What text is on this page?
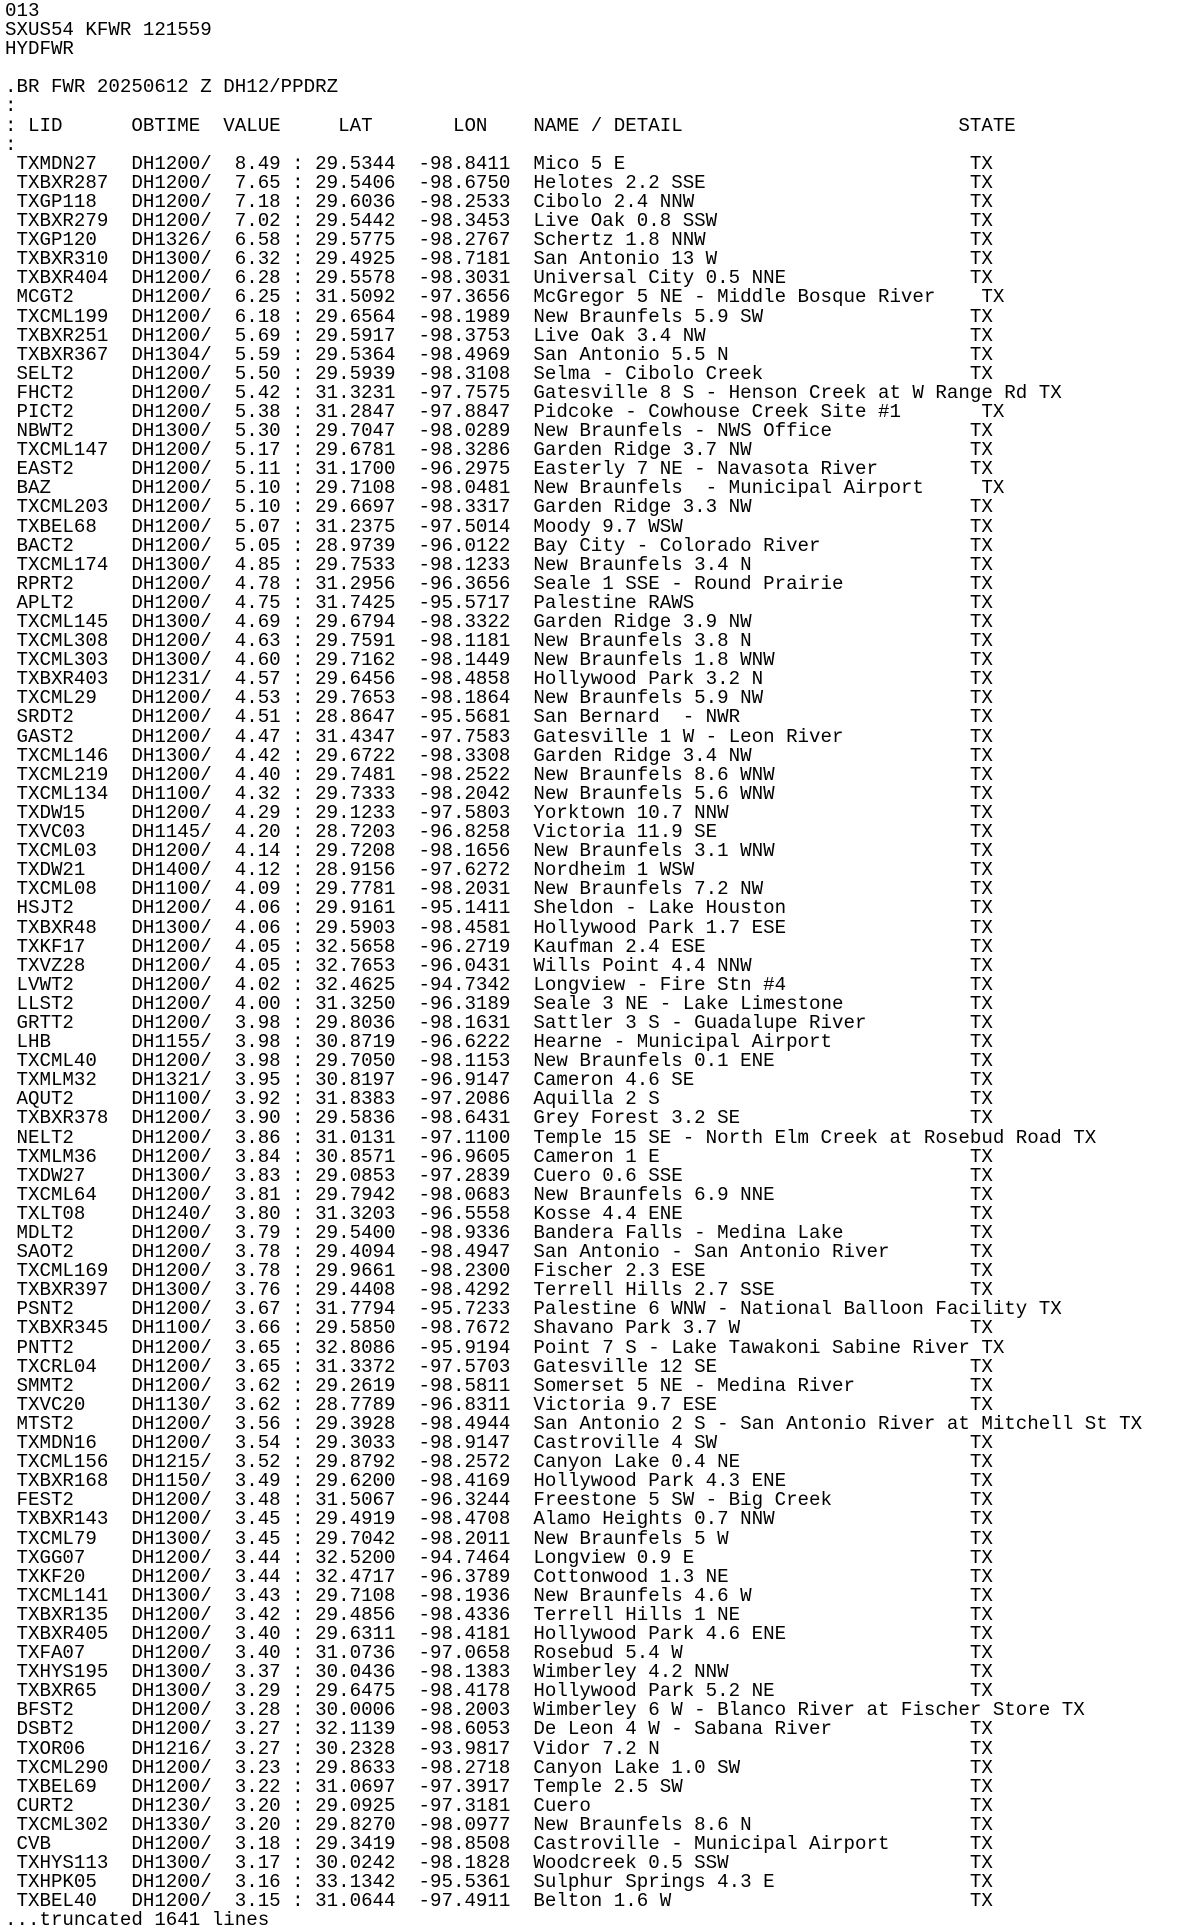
013
SXUS54 KFWR 121559
HYDFWR
.BR FWR 20250612 Z DH12/PPDRZ
:
: LID      OBTIME  VALUE     LAT       LON    NAME / DETAIL                        STATE
:
TXMDN27   DH1200/  8.49 : 29.5344  -98.8411  Mico 5 E                              TX
TXBXR287  DH1200/  7.65 : 29.5406  -98.6750  Helotes 2.2 SSE                       TX
TXGP118   DH1200/  7.18 : 29.6036  -98.2533  Cibolo 2.4 NNW                        TX
TXBXR279  DH1200/  7.02 : 29.5442  -98.3453  Live Oak 0.8 SSW                      TX
TXGP120   DH1326/  6.58 : 29.5775  -98.2767  Schertz 1.8 NNW                       TX
TXBXR310  DH1300/  6.32 : 29.4925  -98.7181  San Antonio 13 W                      TX
TXBXR404  DH1200/  6.28 : 29.5578  -98.3031  Universal City 0.5 NNE                TX
MCGT2     DH1200/  6.25 : 31.5092  -97.3656  McGregor 5 NE - Middle Bosque River    TX
TXCML199  DH1200/  6.18 : 29.6564  -98.1989  New Braunfels 5.9 SW                  TX
TXBXR251  DH1200/  5.69 : 29.5917  -98.3753  Live Oak 3.4 NW                       TX
TXBXR367  DH1304/  5.59 : 29.5364  -98.4969  San Antonio 5.5 N                     TX
SELT2     DH1200/  5.50 : 29.5939  -98.3108  Selma - Cibolo Creek                  TX
FHCT2     DH1200/  5.42 : 31.3231  -97.7575  Gatesville 8 S - Henson Creek at W Range Rd TX
PICT2     DH1200/  5.38 : 31.2847  -97.8847  Pidcoke - Cowhouse Creek Site #1       TX
NBWT2     DH1300/  5.30 : 29.7047  -98.0289  New Braunfels - NWS Office            TX
TXCML147  DH1200/  5.17 : 29.6781  -98.3286  Garden Ridge 3.7 NW                   TX
EAST2     DH1200/  5.11 : 31.1700  -96.2975  Easterly 7 NE - Navasota River        TX
BAZ       DH1200/  5.10 : 29.7108  -98.0481  New Braunfels  - Municipal Airport     TX
TXCML203  DH1200/  5.10 : 29.6697  -98.3317  Garden Ridge 3.3 NW                   TX
TXBEL68   DH1200/  5.07 : 31.2375  -97.5014  Moody 9.7 WSW                         TX
BACT2     DH1200/  5.05 : 28.9739  -96.0122  Bay City - Colorado River             TX
TXCML174  DH1300/  4.85 : 29.7533  -98.1233  New Braunfels 3.4 N                   TX
RPRT2     DH1200/  4.78 : 31.2956  -96.3656  Seale 1 SSE - Round Prairie           TX
APLT2     DH1200/  4.75 : 31.7425  -95.5717  Palestine RAWS                        TX
TXCML145  DH1300/  4.69 : 29.6794  -98.3322  Garden Ridge 3.9 NW                   TX
TXCML308  DH1200/  4.63 : 29.7591  -98.1181  New Braunfels 3.8 N                   TX
TXCML303  DH1300/  4.60 : 29.7162  -98.1449  New Braunfels 1.8 WNW                 TX
TXBXR403  DH1231/  4.57 : 29.6456  -98.4858  Hollywood Park 3.2 N                  TX
TXCML29   DH1200/  4.53 : 29.7653  -98.1864  New Braunfels 5.9 NW                  TX
SRDT2     DH1200/  4.51 : 28.8647  -95.5681  San Bernard  - NWR                    TX
GAST2     DH1200/  4.47 : 31.4347  -97.7583  Gatesville 1 W - Leon River           TX
TXCML146  DH1300/  4.42 : 29.6722  -98.3308  Garden Ridge 3.4 NW                   TX
TXCML219  DH1200/  4.40 : 29.7481  -98.2522  New Braunfels 8.6 WNW                 TX
TXCML134  DH1100/  4.32 : 29.7333  -98.2042  New Braunfels 5.6 WNW                 TX
TXDW15    DH1200/  4.29 : 29.1233  -97.5803  Yorktown 10.7 NNW                     TX
TXVC03    DH1145/  4.20 : 28.7203  -96.8258  Victoria 11.9 SE                      TX
TXCML03   DH1200/  4.14 : 29.7208  -98.1656  New Braunfels 3.1 WNW                 TX
TXDW21    DH1400/  4.12 : 28.9156  -97.6272  Nordheim 1 WSW                        TX
TXCML08   DH1100/  4.09 : 29.7781  -98.2031  New Braunfels 7.2 NW                  TX
HSJT2     DH1200/  4.06 : 29.9161  -95.1411  Sheldon - Lake Houston                TX
TXBXR48   DH1300/  4.06 : 29.5903  -98.4581  Hollywood Park 1.7 ESE                TX
TXKF17    DH1200/  4.05 : 32.5658  -96.2719  Kaufman 2.4 ESE                       TX
TXVZ28    DH1200/  4.05 : 32.7653  -96.0431  Wills Point 4.4 NNW                   TX
LVWT2     DH1200/  4.02 : 32.4625  -94.7342  Longview - Fire Stn #4                TX
LLST2     DH1200/  4.00 : 31.3250  -96.3189  Seale 3 NE - Lake Limestone           TX
GRTT2     DH1200/  3.98 : 29.8036  -98.1631  Sattler 3 S - Guadalupe River         TX
LHB       DH1155/  3.98 : 30.8719  -96.6222  Hearne - Municipal Airport            TX
TXCML40   DH1200/  3.98 : 29.7050  -98.1153  New Braunfels 0.1 ENE                 TX
TXMLM32   DH1321/  3.95 : 30.8197  -96.9147  Cameron 4.6 SE                        TX
AQUT2     DH1100/  3.92 : 31.8383  -97.2086  Aquilla 2 S                           TX
TXBXR378  DH1200/  3.90 : 29.5836  -98.6431  Grey Forest 3.2 SE                    TX
NELT2     DH1200/  3.86 : 31.0131  -97.1100  Temple 15 SE - North Elm Creek at Rosebud Road TX
TXMLM36   DH1200/  3.84 : 30.8571  -96.9605  Cameron 1 E                           TX
TXDW27    DH1300/  3.83 : 29.0853  -97.2839  Cuero 0.6 SSE                         TX
TXCML64   DH1200/  3.81 : 29.7942  -98.0683  New Braunfels 6.9 NNE                 TX
TXLT08    DH1240/  3.80 : 31.3203  -96.5558  Kosse 4.4 ENE                         TX
MDLT2     DH1200/  3.79 : 29.5400  -98.9336  Bandera Falls - Medina Lake           TX
SAOT2     DH1200/  3.78 : 29.4094  -98.4947  San Antonio - San Antonio River       TX
TXCML169  DH1200/  3.78 : 29.9661  -98.2300  Fischer 2.3 ESE                       TX
TXBXR397  DH1300/  3.76 : 29.4408  -98.4292  Terrell Hills 2.7 SSE                 TX
PSNT2     DH1200/  3.67 : 31.7794  -95.7233  Palestine 6 WNW - National Balloon Facility TX
TXBXR345  DH1100/  3.66 : 29.5850  -98.7672  Shavano Park 3.7 W                    TX
PNTT2     DH1200/  3.65 : 32.8086  -95.9194  Point 7 S - Lake Tawakoni Sabine River TX
TXCRL04   DH1200/  3.65 : 31.3372  -97.5703  Gatesville 12 SE                      TX
SMMT2     DH1200/  3.62 : 29.2619  -98.5811  Somerset 5 NE - Medina River          TX
TXVC20    DH1130/  3.62 : 28.7789  -96.8311  Victoria 9.7 ESE                      TX
MTST2     DH1200/  3.56 : 29.3928  -98.4944  San Antonio 2 S - San Antonio River at Mitchell St TX
TXMDN16   DH1200/  3.54 : 29.3033  -98.9147  Castroville 4 SW                      TX
TXCML156  DH1215/  3.52 : 29.8792  -98.2572  Canyon Lake 0.4 NE                    TX
TXBXR168  DH1150/  3.49 : 29.6200  -98.4169  Hollywood Park 4.3 ENE                TX
FEST2     DH1200/  3.48 : 31.5067  -96.3244  Freestone 5 SW - Big Creek            TX
TXBXR143  DH1200/  3.45 : 29.4919  -98.4708  Alamo Heights 0.7 NNW                 TX
TXCML79   DH1300/  3.45 : 29.7042  -98.2011  New Braunfels 5 W                     TX
TXGG07    DH1200/  3.44 : 32.5200  -94.7464  Longview 0.9 E                        TX
TXKF20    DH1200/  3.44 : 32.4717  -96.3789  Cottonwood 1.3 NE                     TX
TXCML141  DH1300/  3.43 : 29.7108  -98.1936  New Braunfels 4.6 W                   TX
TXBXR135  DH1200/  3.42 : 29.4856  -98.4336  Terrell Hills 1 NE                    TX
TXBXR405  DH1200/  3.40 : 29.6311  -98.4181  Hollywood Park 4.6 ENE                TX
TXFA07    DH1200/  3.40 : 31.0736  -97.0658  Rosebud 5.4 W                         TX
TXHYS195  DH1300/  3.37 : 30.0436  -98.1383  Wimberley 4.2 NNW                     TX
TXBXR65   DH1300/  3.29 : 29.6475  -98.4178  Hollywood Park 5.2 NE                 TX
BFST2     DH1200/  3.28 : 30.0006  -98.2003  Wimberley 6 W - Blanco River at Fischer Store TX
DSBT2     DH1200/  3.27 : 32.1139  -98.6053  De Leon 4 W - Sabana River            TX
TXOR06    DH1216/  3.27 : 30.2328  -93.9817  Vidor 7.2 N                           TX
TXCML290  DH1200/  3.23 : 29.8633  -98.2718  Canyon Lake 1.0 SW                    TX
TXBEL69   DH1200/  3.22 : 31.0697  -97.3917  Temple 2.5 SW                         TX
CURT2     DH1230/  3.20 : 29.0925  -97.3181  Cuero                                 TX
TXCML302  DH1330/  3.20 : 29.8270  -98.0977  New Braunfels 8.6 N                   TX
CVB       DH1200/  3.18 : 29.3419  -98.8508  Castroville - Municipal Airport       TX
TXHYS113  DH1300/  3.17 : 30.0242  -98.1828  Woodcreek 0.5 SSW                     TX
TXHPK05   DH1200/  3.16 : 33.1342  -95.5361  Sulphur Springs 4.3 E                 TX
TXBEL40   DH1200/  3.15 : 31.0644  -97.4911  Belton 1.6 W                          TX
...truncated 1641 lines
